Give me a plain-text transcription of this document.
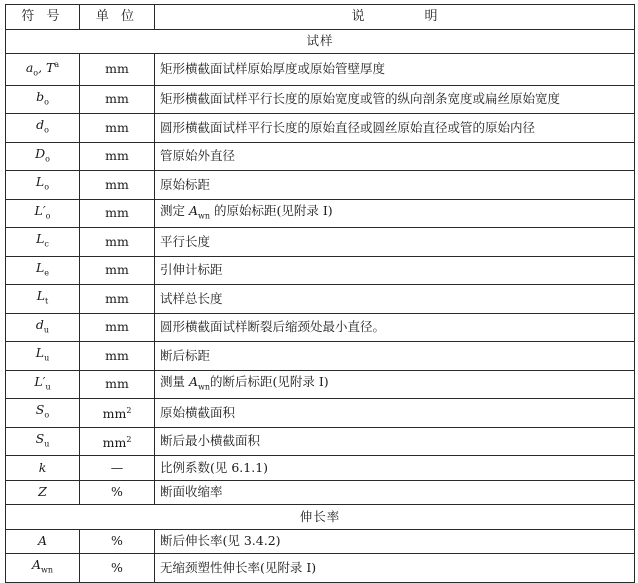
符 号	单 位	说 明
试样		
$a_o$, $T^a$	mm	矩形横截面试样原始厚度或原始管壁厚度
$b_o$	mm	矩形横截面试样平行长度的原始宽度或管的纵向剖条宽度或扁丝原始宽度
$d_o$	mm	圆形横截面试样平行长度的原始直径或圆丝原始直径或管的原始内径
$D_o$	mm	管原始外直径
$L_o$	mm	原始标距
$L'_o$	mm	测定 $A_{wn}$ 的原始标距(见附录 I)
$L_c$	mm	平行长度
$L_e$	mm	引伸计标距
$L_t$	mm	试样总长度
$d_u$	mm	圆形横截面试样断裂后缩颈处最小直径。
$L_u$	mm	断后标距
$L'_u$	mm	测量 $A_{wn}$的断后标距(见附录 I)
$S_o$	$mm^2$	原始横截面积
$S_u$	$mm^2$	断后最小横截面积
k	—	比例系数(见 6.1.1)
Z	%	断面收缩率
伸长率		
A	%	断后伸长率(见 3.4.2)
$A_{wn}$	%	无缩颈塑性伸长率(见附录 I)
